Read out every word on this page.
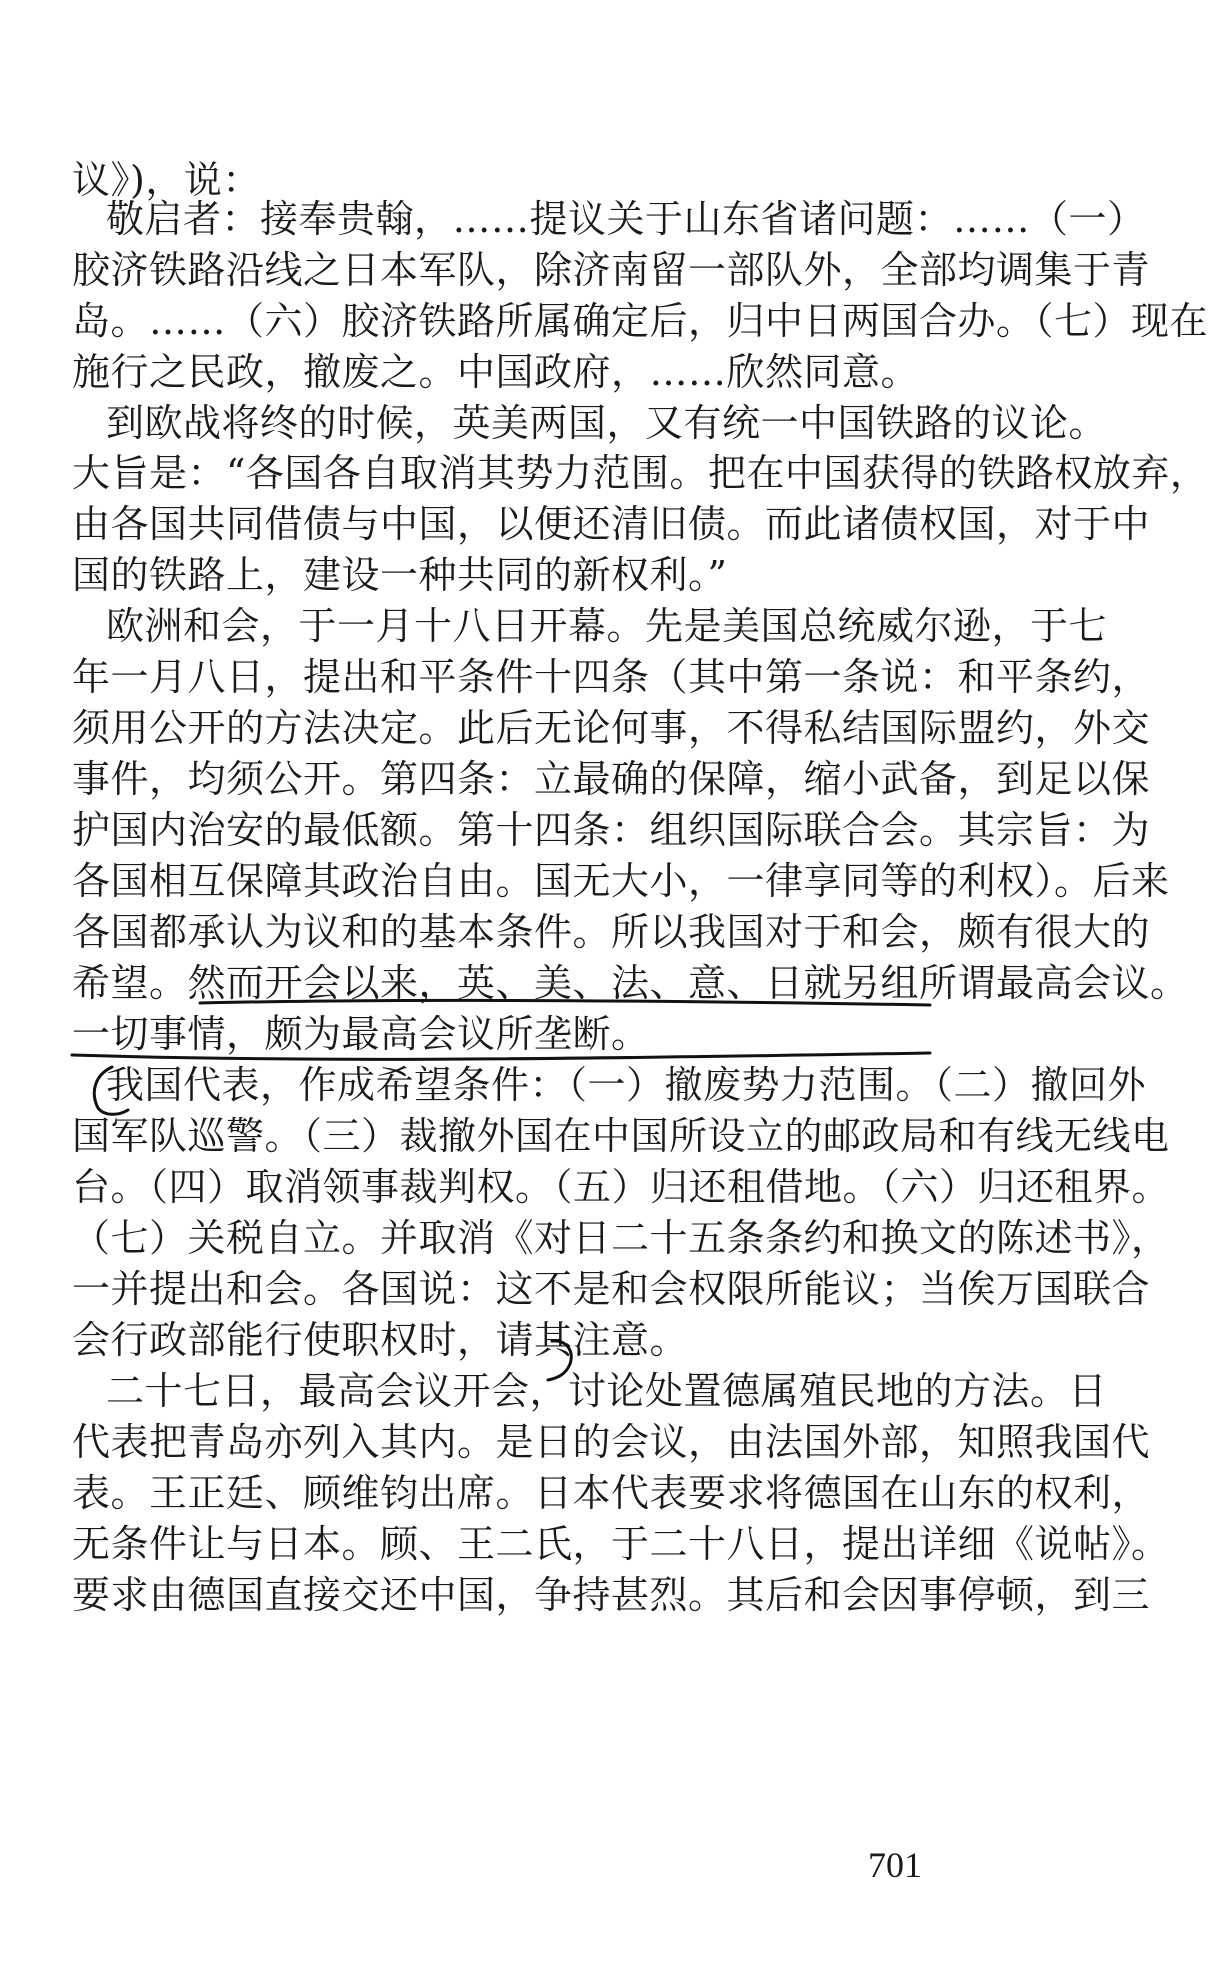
议》)，说：
敬启者：接奉贵翰，……提议关于山东省诸问题：……（一）
胶济铁路沿线之日本军队，除济南留一部队外，全部均调集于青
岛。……（六）胶济铁路所属确定后，归中日两国合办。（七）现在
施行之民政，撤废之。中国政府，……欣然同意。
到欧战将终的时候，英美两国，又有统一中国铁路的议论。
大旨是：“各国各自取消其势力范围。把在中国获得的铁路权放弃，
由各国共同借债与中国，以便还清旧债。而此诸债权国，对于中
国的铁路上，建设一种共同的新权利。”
欧洲和会，于一月十八日开幕。先是美国总统威尔逊，于七
年一月八日，提出和平条件十四条（其中第一条说：和平条约，
须用公开的方法决定。此后无论何事，不得私结国际盟约，外交
事件，均须公开。第四条：立最确的保障，缩小武备，到足以保
护国内治安的最低额。第十四条：组织国际联合会。其宗旨：为
各国相互保障其政治自由。国无大小，一律享同等的利权）。后来
各国都承认为议和的基本条件。所以我国对于和会，颇有很大的
希望。然而开会以来，英、美、法、意、日就另组所谓最高会议。
一切事情，颇为最高会议所垄断。
我国代表，作成希望条件：（一）撤废势力范围。（二）撤回外
国军队巡警。（三）裁撤外国在中国所设立的邮政局和有线无线电
台。（四）取消领事裁判权。（五）归还租借地。（六）归还租界。
（七）关税自立。并取消《对日二十五条条约和换文的陈述书》，
一并提出和会。各国说：这不是和会权限所能议；当俟万国联合
会行政部能行使职权时，请其注意。
二十七日，最高会议开会，讨论处置德属殖民地的方法。日
代表把青岛亦列入其内。是日的会议，由法国外部，知照我国代
表。王正廷、顾维钧出席。日本代表要求将德国在山东的权利，
无条件让与日本。顾、王二氏，于二十八日，提出详细《说帖》。
要求由德国直接交还中国，争持甚烈。其后和会因事停顿，到三
701
